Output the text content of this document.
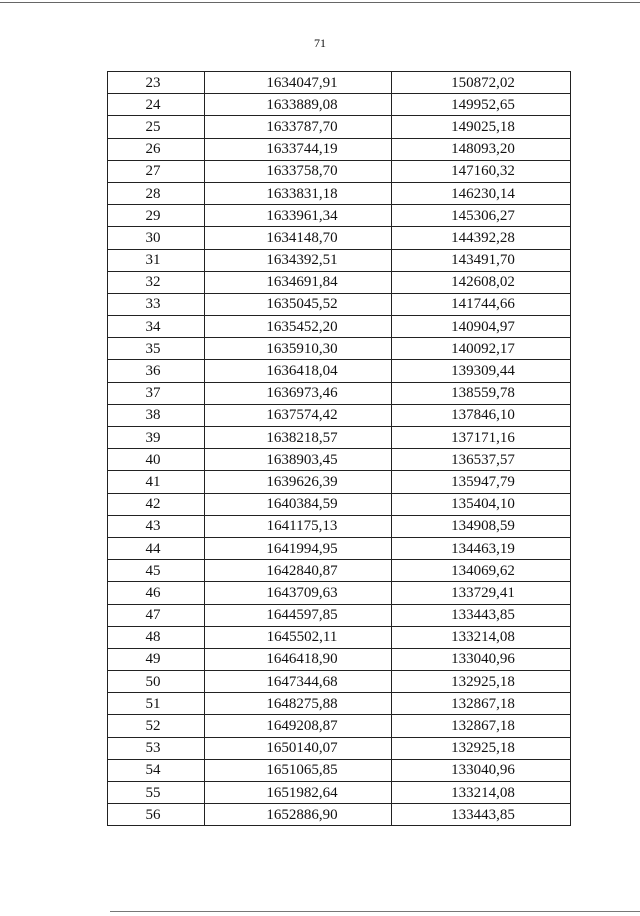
71
23	1634047,91	150872,02
24	1633889,08	149952,65
25	1633787,70	149025,18
26	1633744,19	148093,20
27	1633758,70	147160,32
28	1633831,18	146230,14
29	1633961,34	145306,27
30	1634148,70	144392,28
31	1634392,51	143491,70
32	1634691,84	142608,02
33	1635045,52	141744,66
34	1635452,20	140904,97
35	1635910,30	140092,17
36	1636418,04	139309,44
37	1636973,46	138559,78
38	1637574,42	137846,10
39	1638218,57	137171,16
40	1638903,45	136537,57
41	1639626,39	135947,79
42	1640384,59	135404,10
43	1641175,13	134908,59
44	1641994,95	134463,19
45	1642840,87	134069,62
46	1643709,63	133729,41
47	1644597,85	133443,85
48	1645502,11	133214,08
49	1646418,90	133040,96
50	1647344,68	132925,18
51	1648275,88	132867,18
52	1649208,87	132867,18
53	1650140,07	132925,18
54	1651065,85	133040,96
55	1651982,64	133214,08
56	1652886,90	133443,85
